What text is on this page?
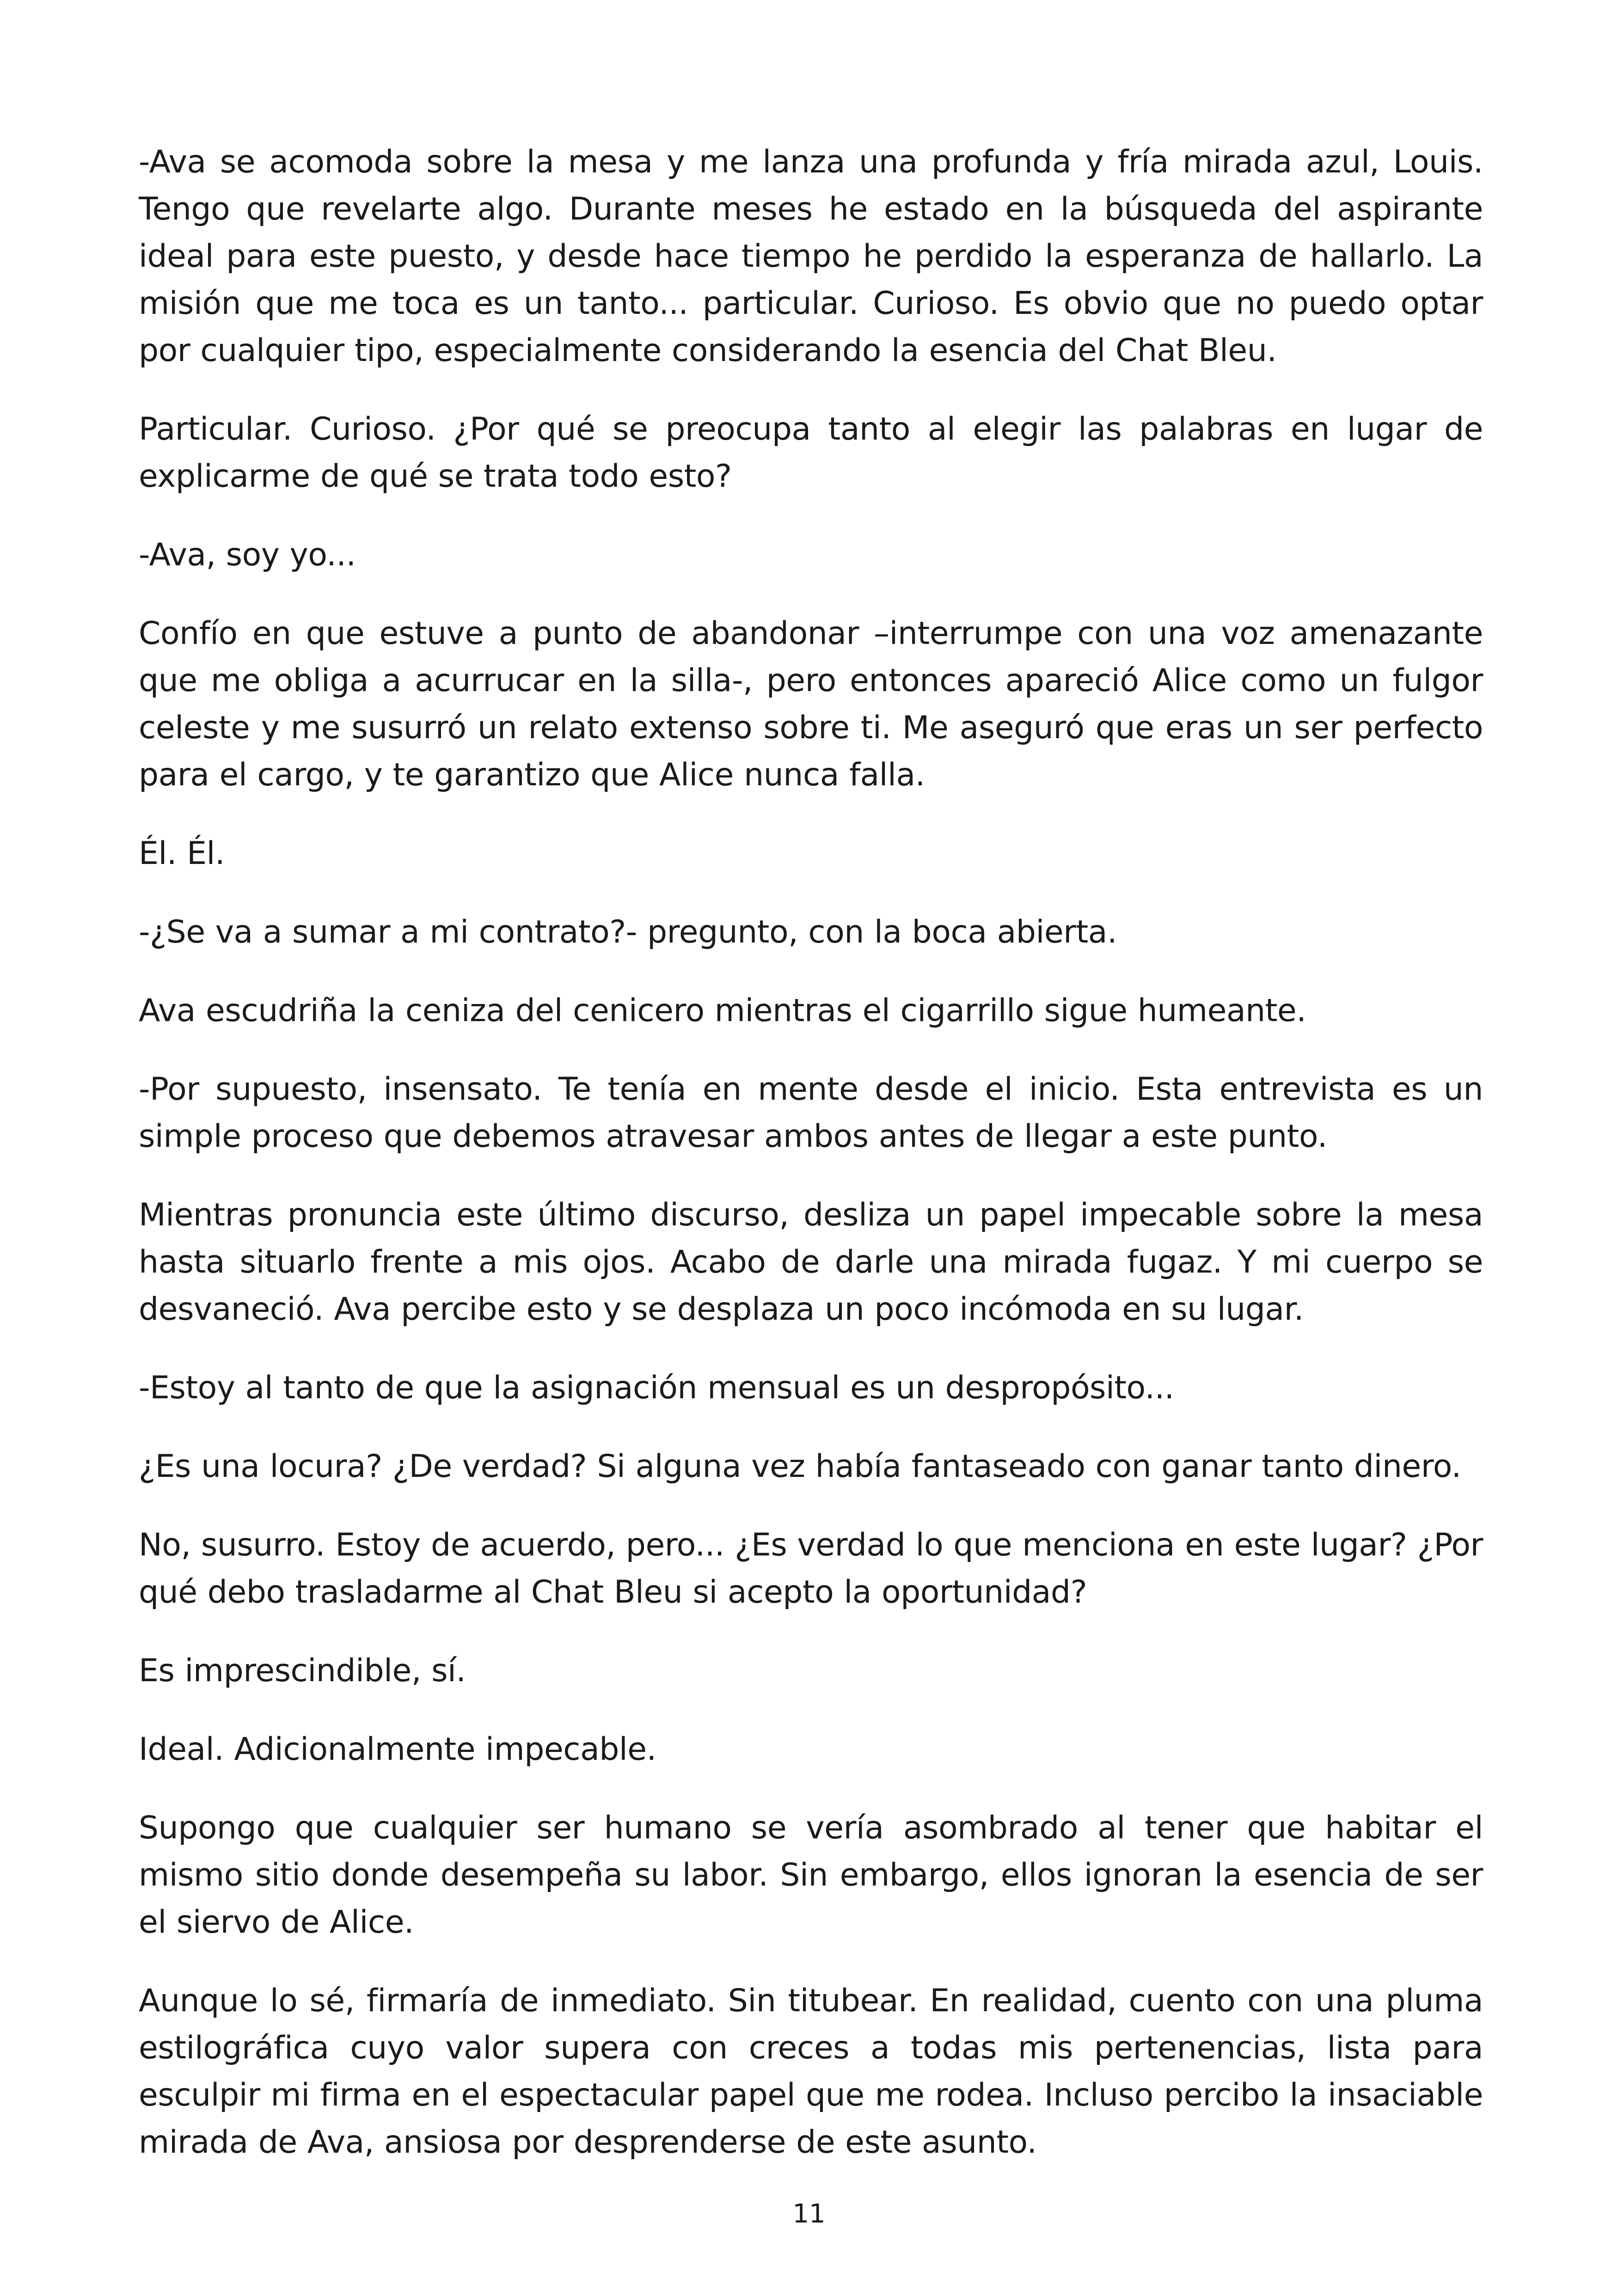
-Ava se acomoda sobre la mesa y me lanza una profunda y fría mirada azul, Louis. Tengo que revelarte algo. Durante meses he estado en la búsqueda del aspirante ideal para este puesto, y desde hace tiempo he perdido la esperanza de hallarlo. La misión que me toca es un tanto... particular. Curioso. Es obvio que no puedo optar por cualquier tipo, especialmente considerando la esencia del Chat Bleu.

Particular. Curioso. ¿Por qué se preocupa tanto al elegir las palabras en lugar de explicarme de qué se trata todo esto?

-Ava, soy yo...

Confío en que estuve a punto de abandonar –interrumpe con una voz amenazante que me obliga a acurrucar en la silla-, pero entonces apareció Alice como un fulgor celeste y me susurró un relato extenso sobre ti. Me aseguró que eras un ser perfecto para el cargo, y te garantizo que Alice nunca falla.

Él. Él.

-¿Se va a sumar a mi contrato?- pregunto, con la boca abierta.

Ava escudriña la ceniza del cenicero mientras el cigarrillo sigue humeante.

-Por supuesto, insensato. Te tenía en mente desde el inicio. Esta entrevista es un simple proceso que debemos atravesar ambos antes de llegar a este punto.

Mientras pronuncia este último discurso, desliza un papel impecable sobre la mesa hasta situarlo frente a mis ojos. Acabo de darle una mirada fugaz. Y mi cuerpo se desvaneció. Ava percibe esto y se desplaza un poco incómoda en su lugar.

-Estoy al tanto de que la asignación mensual es un despropósito...

¿Es una locura? ¿De verdad? Si alguna vez había fantaseado con ganar tanto dinero.

No, susurro. Estoy de acuerdo, pero... ¿Es verdad lo que menciona en este lugar? ¿Por qué debo trasladarme al Chat Bleu si acepto la oportunidad?

Es imprescindible, sí.

Ideal. Adicionalmente impecable.

Supongo que cualquier ser humano se vería asombrado al tener que habitar el mismo sitio donde desempeña su labor. Sin embargo, ellos ignoran la esencia de ser el siervo de Alice.

Aunque lo sé, firmaría de inmediato. Sin titubear. En realidad, cuento con una pluma estilográfica cuyo valor supera con creces a todas mis pertenencias, lista para esculpir mi firma en el espectacular papel que me rodea. Incluso percibo la insaciable mirada de Ava, ansiosa por desprenderse de este asunto.

11
